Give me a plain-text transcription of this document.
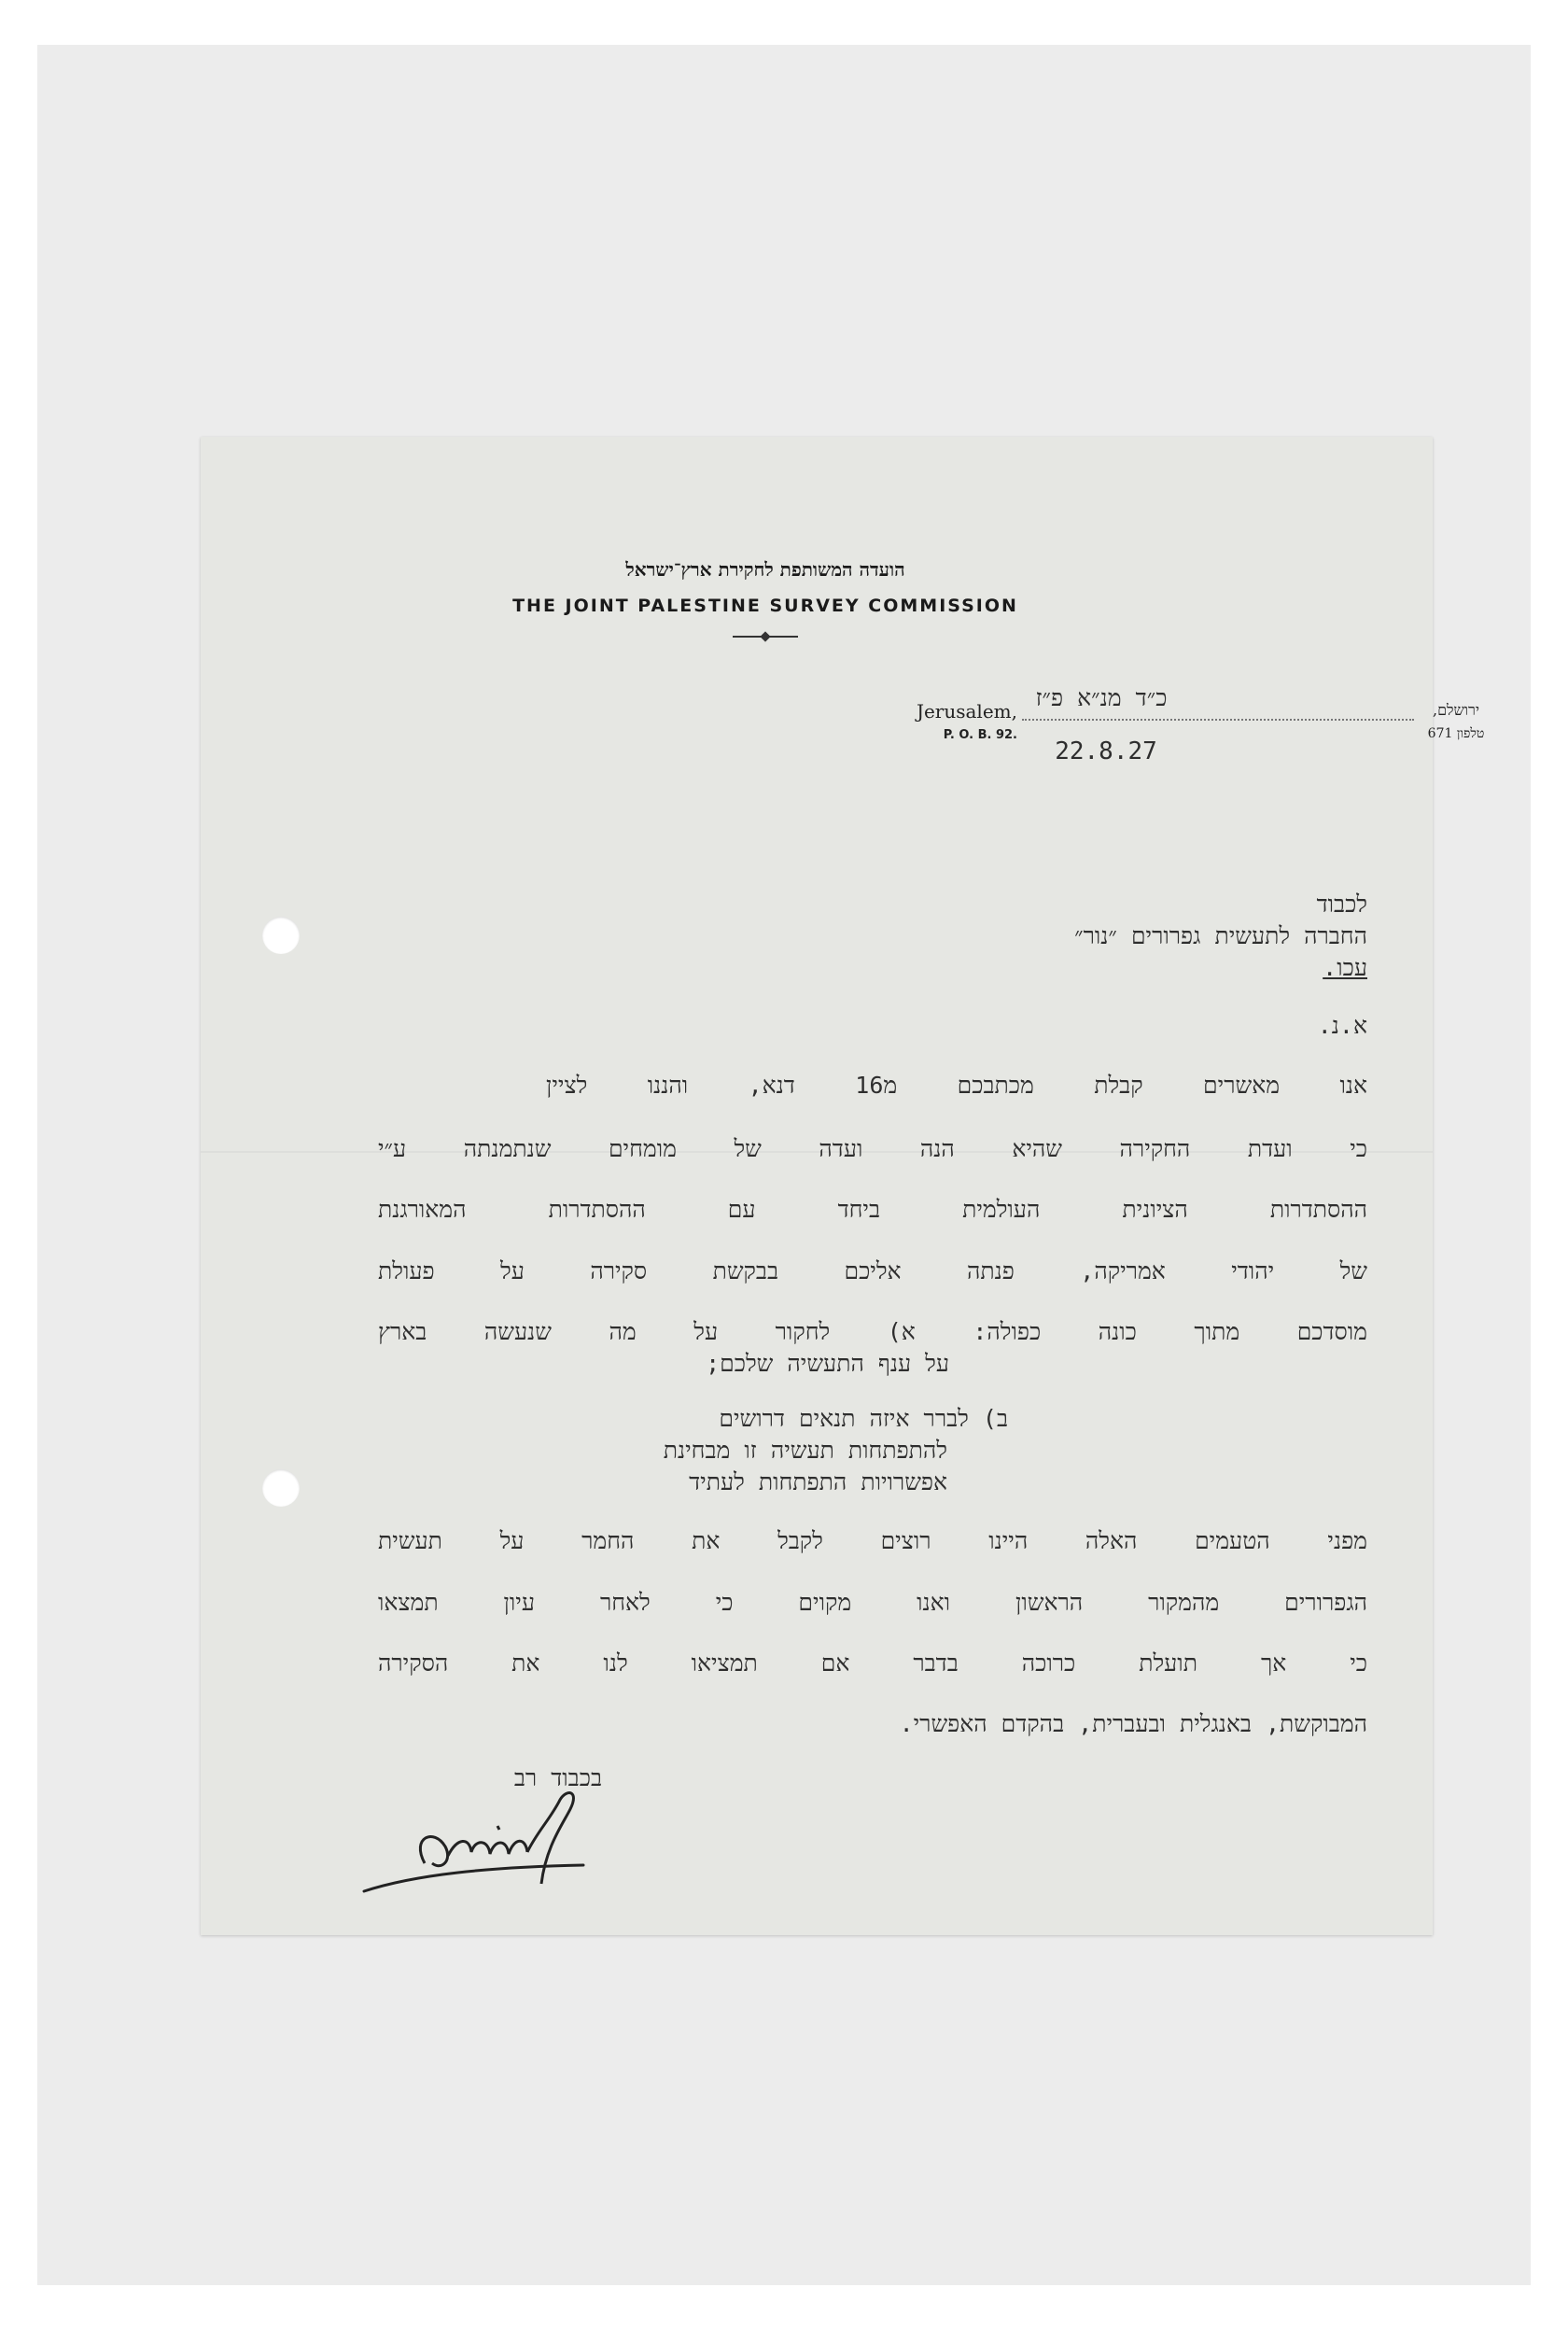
הועדה המשותפת לחקירת ארץ־ישראל
THE JOINT PALESTINE SURVEY COMMISSION
Jerusalem,
P. O. B. 92.
כ״ד מנ״א פ״ז
22.8.27
ירושלם,
טלפון 671
לכבוד
החברה לתעשית גפרורים ״נור״
עכו.
א.נ.
אנו מאשרים קבלת מכתבכם מ16 דנא, והננו לציין
כי ועדת החקירה שהיא הנה ועדה של מומחים שנתמנתה ע״י
ההסתדרות הציונית העולמית ביחד עם ההסתדרות המאורגנת
של יהודי אמריקה, פנתה אליכם בבקשת סקירה על פעולת
מוסדכם מתוך כונה כפולה: א) לחקור על מה שנעשה בארץ
על ענף התעשיה שלכם;
ב) לברר איזה תנאים דרושים
להתפתחות תעשיה זו מבחינת
אפשרויות התפתחות לעתיד
מפני הטעמים האלה היינו רוצים לקבל את החמר על תעשית
הגפרורים מהמקור הראשון ואנו מקוים כי לאחר עיון תמצאו
כי אך תועלת כרוכה בדבר אם תמציאו לנו את הסקירה
המבוקשת, באנגלית ובעברית, בהקדם האפשרי.
בכבוד רב
